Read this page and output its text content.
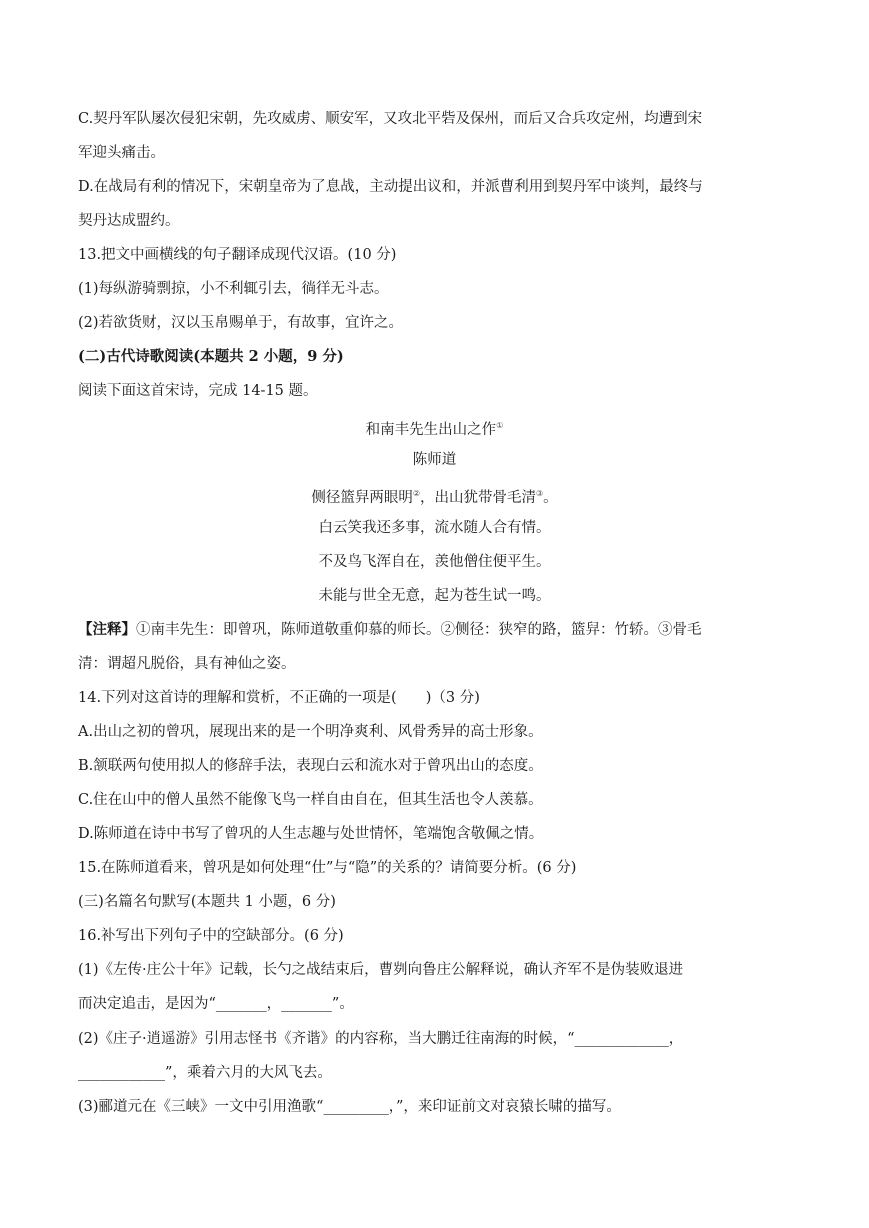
C.契丹军队屡次侵犯宋朝，先攻威虏、顺安军，又攻北平砦及保州，而后又合兵攻定州，均遭到宋
军迎头痛击。
D.在战局有利的情况下，宋朝皇帝为了息战，主动提出议和，并派曹利用到契丹军中谈判，最终与
契丹达成盟约。
13.把文中画横线的句子翻译成现代汉语。(10 分)
(1)每纵游骑剽掠，小不利辄引去，徜徉无斗志。
(2)若欲货财，汉以玉帛赐单于，有故事，宜许之。
(二)古代诗歌阅读(本题共 2 小题，9 分)
阅读下面这首宋诗，完成 14-15 题。
和南丰先生出山之作①
陈师道
侧径篮舁两眼明②，出山犹带骨毛清③。
白云笑我还多事，流水随人合有情。
不及鸟飞浑自在，羡他僧住便平生。
未能与世全无意，起为苍生试一鸣。
【注释】①南丰先生：即曾巩，陈师道敬重仰慕的师长。②侧径：狭窄的路，篮舁：竹轿。③骨毛
清：谓超凡脱俗，具有神仙之姿。
14.下列对这首诗的理解和赏析，不正确的一项是(　　)（3 分)
A.出山之初的曾巩，展现出来的是一个明净爽利、风骨秀异的高士形象。
B.颔联两句使用拟人的修辞手法，表现白云和流水对于曾巩出山的态度。
C.住在山中的僧人虽然不能像飞鸟一样自由自在，但其生活也令人羡慕。
D.陈师道在诗中书写了曾巩的人生志趣与处世情怀，笔端饱含敬佩之情。
15.在陈师道看来，曾巩是如何处理“仕”与“隐”的关系的？请简要分析。(6 分)
(三)名篇名句默写(本题共 1 小题，6 分)
16.补写出下列句子中的空缺部分。(6 分)
(1)《左传·庄公十年》记载，长勺之战结束后，曹刿向鲁庄公解释说，确认齐军不是伪装败退进
而决定追击，是因为“_______，_______”。
(2)《庄子·逍遥游》引用志怪书《齐谐》的内容称，当大鹏迁往南海的时候，“_____________，
____________”，乘着六月的大风飞去。
(3)郦道元在《三峡》一文中引用渔歌“_________，”，来印证前文对哀猿长啸的描写。
